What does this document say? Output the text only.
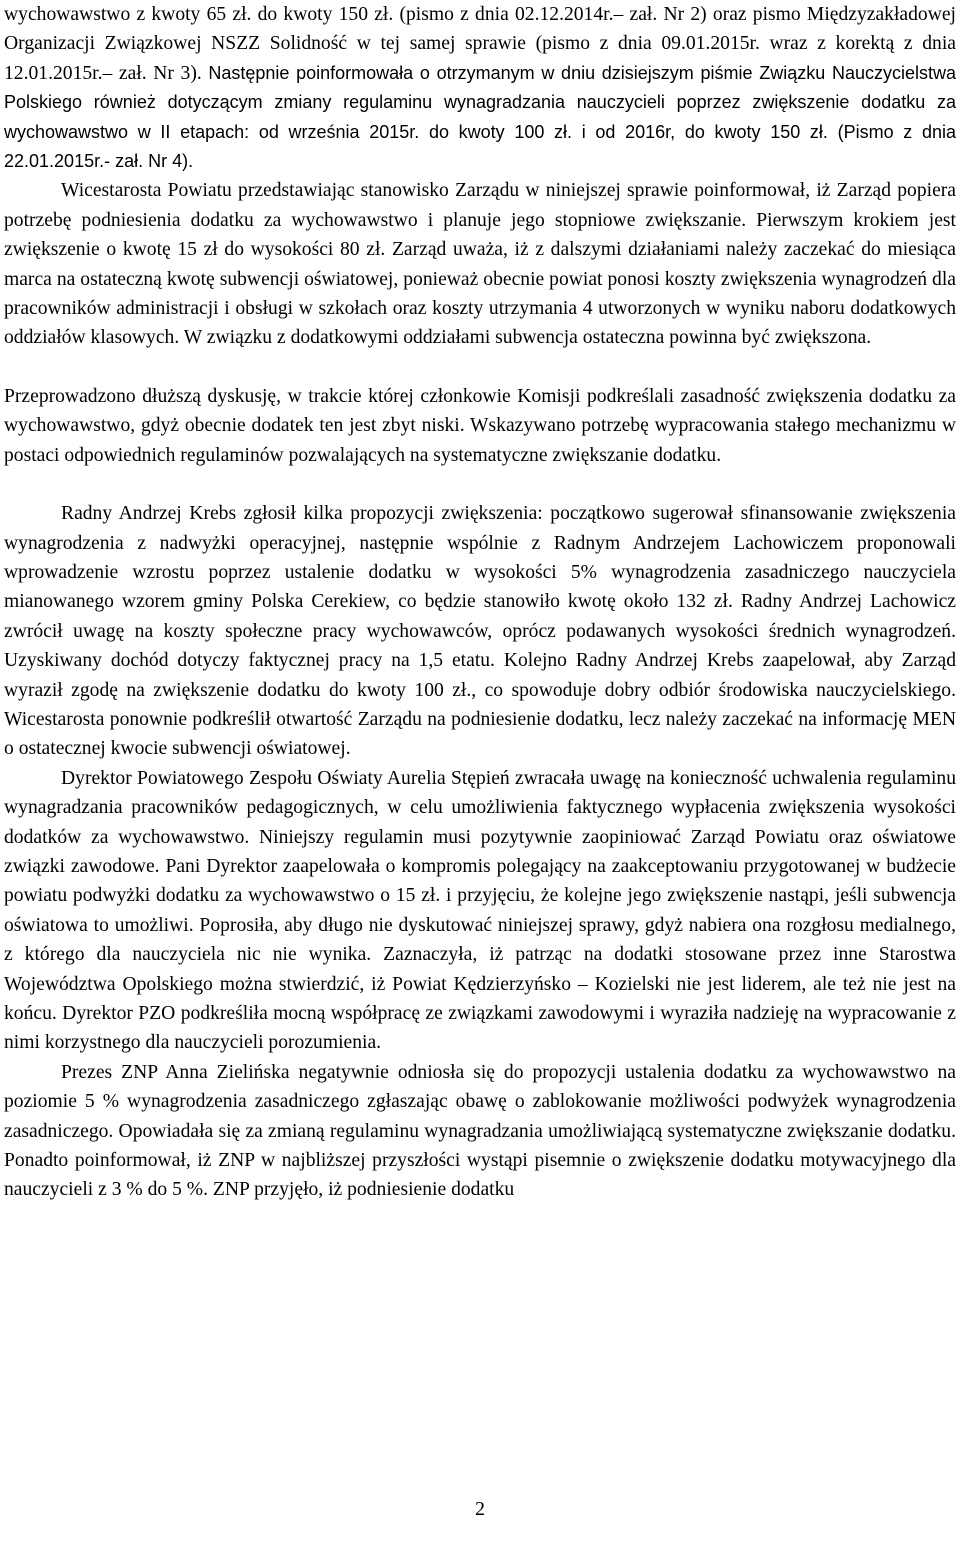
wychowawstwo z kwoty 65 zł. do kwoty 150 zł. (pismo z dnia 02.12.2014r.– zał. Nr 2) oraz pismo Międzyzakładowej Organizacji Związkowej NSZZ Solidność w tej samej sprawie (pismo z dnia 09.01.2015r. wraz z korektą z dnia 12.01.2015r.– zał. Nr 3). Następnie poinformowała o otrzymanym w dniu dzisiejszym piśmie Związku Nauczycielstwa Polskiego również dotyczącym zmiany regulaminu wynagradzania nauczycieli poprzez zwiększenie dodatku za wychowawstwo w II etapach: od września 2015r. do kwoty 100 zł. i od 2016r, do kwoty 150 zł. (Pismo z dnia 22.01.2015r.- zał. Nr 4).

Wicestarosta Powiatu przedstawiając stanowisko Zarządu w niniejszej sprawie poinformował, iż Zarząd popiera potrzebę podniesienia dodatku za wychowawstwo i planuje jego stopniowe zwiększanie. Pierwszym krokiem jest zwiększenie o kwotę 15 zł do wysokości 80 zł. Zarząd uważa, iż z dalszymi działaniami należy zaczekać do miesiąca marca na ostateczną kwotę subwencji oświatowej, ponieważ obecnie powiat ponosi koszty zwiększenia wynagrodzeń dla pracowników administracji i obsługi w szkołach oraz koszty utrzymania 4 utworzonych w wyniku naboru dodatkowych oddziałów klasowych. W związku z dodatkowymi oddziałami subwencja ostateczna powinna być zwiększona.

Przeprowadzono dłuższą dyskusję, w trakcie której członkowie Komisji podkreślali zasadność zwiększenia dodatku za wychowawstwo, gdyż obecnie dodatek ten jest zbyt niski. Wskazywano potrzebę wypracowania stałego mechanizmu w postaci odpowiednich regulaminów pozwalających na systematyczne zwiększanie dodatku.

Radny Andrzej Krebs zgłosił kilka propozycji zwiększenia: początkowo sugerował sfinansowanie zwiększenia wynagrodzenia z nadwyżki operacyjnej, następnie wspólnie z Radnym Andrzejem Lachowiczem proponowali wprowadzenie wzrostu poprzez ustalenie dodatku w wysokości 5% wynagrodzenia zasadniczego nauczyciela mianowanego wzorem gminy Polska Cerekiew, co będzie stanowiło kwotę około 132 zł. Radny Andrzej Lachowicz zwrócił uwagę na koszty społeczne pracy wychowawców, oprócz podawanych wysokości średnich wynagrodzeń. Uzyskiwany dochód dotyczy faktycznej pracy na 1,5 etatu. Kolejno Radny Andrzej Krebs zaapelował, aby Zarząd wyraził zgodę na zwiększenie dodatku do kwoty 100 zł., co spowoduje dobry odbiór środowiska nauczycielskiego. Wicestarosta ponownie podkreślił otwartość Zarządu na podniesienie dodatku, lecz należy zaczekać na informację MEN o ostatecznej kwocie subwencji oświatowej.

Dyrektor Powiatowego Zespołu Oświaty Aurelia Stępień zwracała uwagę na konieczność uchwalenia regulaminu wynagradzania pracowników pedagogicznych, w celu umożliwienia faktycznego wypłacenia zwiększenia wysokości dodatków za wychowawstwo. Niniejszy regulamin musi pozytywnie zaopiniować Zarząd Powiatu oraz oświatowe związki zawodowe. Pani Dyrektor zaapelowała o kompromis polegający na zaakceptowaniu przygotowanej w budżecie powiatu podwyżki dodatku za wychowawstwo o 15 zł. i przyjęciu, że kolejne jego zwiększenie nastąpi, jeśli subwencja oświatowa to umożliwi. Poprosiła, aby długo nie dyskutować niniejszej sprawy, gdyż nabiera ona rozgłosu medialnego, z którego dla nauczyciela nic nie wynika. Zaznaczyła, iż patrząc na dodatki stosowane przez inne Starostwa Województwa Opolskiego można stwierdzić, iż Powiat Kędzierzyńsko – Kozielski nie jest liderem, ale też nie jest na końcu. Dyrektor PZO podkreśliła mocną współpracę ze związkami zawodowymi i wyraziła nadzieję na wypracowanie z nimi korzystnego dla nauczycieli porozumienia.

Prezes ZNP Anna Zielińska negatywnie odniosła się do propozycji ustalenia dodatku za wychowawstwo na poziomie 5 % wynagrodzenia zasadniczego zgłaszając obawę o zablokowanie możliwości podwyżek wynagrodzenia zasadniczego. Opowiadała się za zmianą regulaminu wynagradzania umożliwiającą systematyczne zwiększanie dodatku. Ponadto poinformował, iż ZNP w najbliższej przyszłości wystąpi pisemnie o zwiększenie dodatku motywacyjnego dla nauczycieli z 3 % do 5 %. ZNP przyjęło, iż podniesienie dodatku

2
